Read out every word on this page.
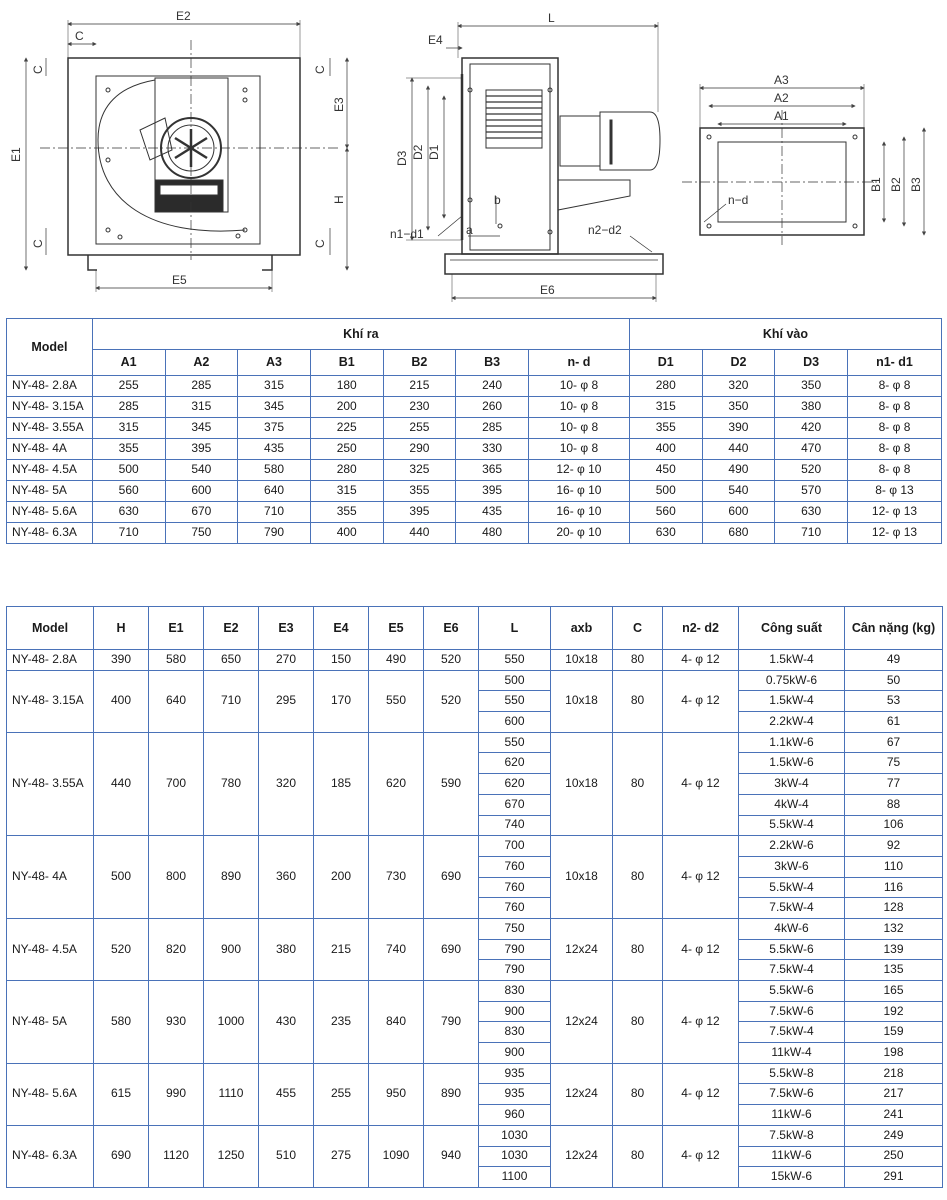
E2
C
C	C
E1
E3
H
C	C
E5
L
E4
D3 D2 D1
b
a
n1−d1	n2−d2
E6
A3
A2
A1
n−d
B1 B2 B3
Model	Khí ra							Khí vào			
	A1	A2	A3	B1	B2	B3	n- d	D1	D2	D3	n1- d1
NY-48- 2.8A	255	285	315	180	215	240	10- φ 8	280	320	350	8- φ 8
NY-48- 3.15A	285	315	345	200	230	260	10- φ 8	315	350	380	8- φ 8
NY-48- 3.55A	315	345	375	225	255	285	10- φ 8	355	390	420	8- φ 8
NY-48- 4A	355	395	435	250	290	330	10- φ 8	400	440	470	8- φ 8
NY-48- 4.5A	500	540	580	280	325	365	12- φ 10	450	490	520	8- φ 8
NY-48- 5A	560	600	640	315	355	395	16- φ 10	500	540	570	8- φ 13
NY-48- 5.6A	630	670	710	355	395	435	16- φ 10	560	600	630	12- φ 13
NY-48- 6.3A	710	750	790	400	440	480	20- φ 10	630	680	710	12- φ 13
Model	H	E1	E2	E3	E4	E5	E6	L	axb	C	n2- d2	Công suất	Cân nặng (kg)
NY-48- 2.8A	390	580	650	270	150	490	520	550	10x18	80	4- φ 12	1.5kW-4	49
NY-48- 3.15A	400	640	710	295	170	550	520	500	10x18	80	4- φ 12	0.75kW-6	50
								550				1.5kW-4	53
								600				2.2kW-4	61
NY-48- 3.55A	440	700	780	320	185	620	590	550	10x18	80	4- φ 12	1.1kW-6	67
								620				1.5kW-6	75
								620				3kW-4	77
								670				4kW-4	88
								740				5.5kW-4	106
NY-48- 4A	500	800	890	360	200	730	690	700	10x18	80	4- φ 12	2.2kW-6	92
								760				3kW-6	110
								760				5.5kW-4	116
								760				7.5kW-4	128
NY-48- 4.5A	520	820	900	380	215	740	690	750	12x24	80	4- φ 12	4kW-6	132
								790				5.5kW-6	139
								790				7.5kW-4	135
NY-48- 5A	580	930	1000	430	235	840	790	830	12x24	80	4- φ 12	5.5kW-6	165
								900				7.5kW-6	192
								830				7.5kW-4	159
								900				11kW-4	198
NY-48- 5.6A	615	990	1110	455	255	950	890	935	12x24	80	4- φ 12	5.5kW-8	218
								935				7.5kW-6	217
								960				11kW-6	241
NY-48- 6.3A	690	1120	1250	510	275	1090	940	1030	12x24	80	4- φ 12	7.5kW-8	249
								1030				11kW-6	250
								1100				15kW-6	291
